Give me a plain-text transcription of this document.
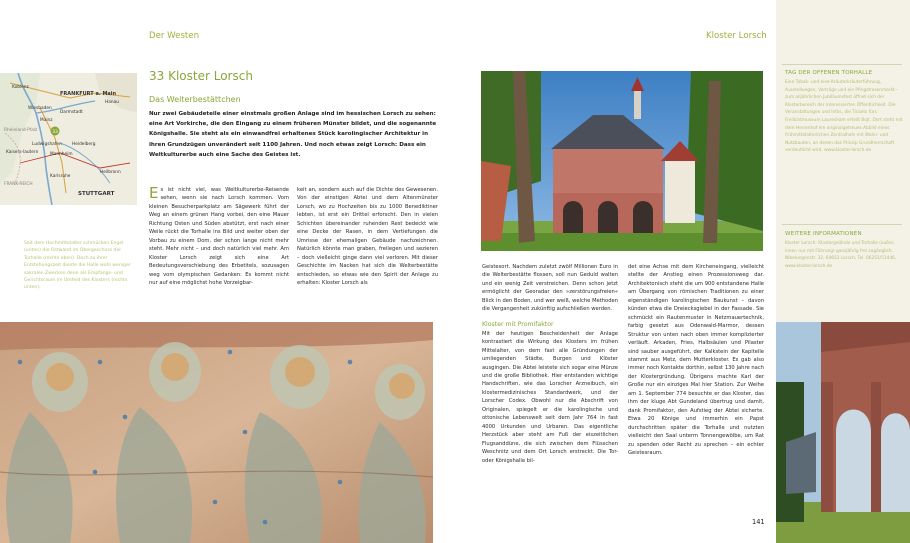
Der Westen	Kloster Lorsch
33
Koblenz
FRANKFURT a. Main
Hanau
Wiesbaden
Darmstadt
Mainz
Ludwigshafen Heidelberg
Mannheim
Kaisers-lautern
Karlsruhe
Heilbronn
STUTTGART
FRANK-REICH
Rheinland-Pfalz
Seit dem Hochmittelalter schmücken Engel (unten) die Ostwand im Obergeschoss der Torhalle (rechts oben). Doch zu ihrer Entstehungszeit diente die Halle wohl weniger sakralen Zwecken denn als Empfangs- und Gerichtsraum im Umfeld des Klosters (rechts unten).
33 Kloster Lorsch
Das Welterbestättchen
Nur zwei Gebäudeteile einer einstmals großen Anlage sind im hessischen Lorsch zu sehen: eine Art Vorkirche, die den Eingang zu einem früheren Münster bildet, und die sogenannte Königshalle. Sie steht als ein einwandfrei erhaltenes Stück karolingischer Architektur in ihren Grundzügen unverändert seit 1100 Jahren. Und noch etwas zeigt Lorsch: Dass ein Weltkulturerbe auch eine Sache des Geistes ist.
Es ist nicht viel, was Weltkulturerbe-Reisende sehen, wenn sie nach Lorsch kommen. Vom kleinen Besucherparkplatz am Sägewerk führt der Weg an einem grünen Hang vorbei, den eine Mauer Richtung Osten und Süden abstützt, erst nach einer Weile rückt die Torhalle ins Bild und weiter oben der Vorbau zu einem Dom, der schon lange nicht mehr steht. Mehr nicht – und doch natürlich viel mehr. Am Kloster Lorsch zeigt sich eine Art Bedeutungsverschiebung des Erbetitels, sozusagen weg vom olympischen Gedanken: Es kommt nicht nur auf eine möglichst hohe Vorzeigbar-
keit an, sondern auch auf die Dichte des Gewesenen. Von der einstigen Abtei und dem Altenmünster Lorsch, wo zu Hochzeiten bis zu 1000 Benediktiner lebten, ist erst ein Drittel erforscht. Den in vielen Schichten übereinander ruhenden Rest bedeckt wie eine Decke der Rasen, in dem Vertiefungen die Umrisse der ehemaligen Gebäude nachzeichnen. Natürlich könnte man graben, freilegen und sezieren – doch vielleicht ginge dann viel verloren. Mit dieser Geschichte im Nacken hat sich die Welterbestätte entschieden, so etwas wie den Spirit der Anlage zu erhalten: Kloster Lorsch als

Geistesort. Nachdem zuletzt zwölf Millionen Euro in die Welterbestätte flossen, soll nun Geduld walten und ein wenig Zeit verstreichen. Denn schon jetzt ermöglicht der Georadar den »zerstörungsfreien« Blick in den Boden, und wer weiß, welche Methoden die Vergangenheit zukünftig aufschließen werden.

Kloster mit Promifaktor

Mit der heutigen Bescheidenheit der Anlage kontrastiert die Wirkung des Klosters im frühen Mittelalter, von dem fast alle Gründungen der umliegenden Städte, Burgen und Klöster ausgingen. Die Abtei leistete sich sogar eine Münze und die große Bibliothek. Hier entstanden wichtige Handschriften, wie das Lorscher Arzneibuch, ein klostermedizinisches Standardwerk, und der Lorscher Codex. Obwohl nur die Abschrift von Originalen, spiegelt er die karolingische und ottonische Lebenswelt seit dem Jahr 764 in fast 4000 Urkunden und Urbaren. Das eigentliche Herzstück aber steht am Fuß der eiszeitlichen Flugsanddüne, die sich zwischen dem Flüsschen Weschnitz und dem Ort Lorsch erstreckt. Die Tor- oder Königshalle bil-

det eine Achse mit dem Kircheneingang, vielleicht stellte der Anstieg einen Prozessionsweg dar. Architektonisch steht die um 900 entstandene Halle am Übergang von römischen Traditionen zu einer eigenständigen karolingischen Baukunst – davon künden etwa die Dreiecksgiebel in der Fassade. Sie schmückt ein Rautenmuster in Netzmauertechnik, farbig gesetzt aus Odenwald-Marmor, dessen Struktur von unten nach oben immer komplizierter verläuft. Arkaden, Fries, Halbsäulen und Pilaster sind sauber ausgeführt, der Kalkstein der Kapitelle stammt aus Metz, dem Mutterkloster. Es gab also immer noch Kontakte dorthin, selbst 130 Jahre nach der Klostergründung. Übrigens machte Karl der Große nur ein einziges Mal hier Station. Zur Weihe am 1. September 774 besuchte er das Kloster, das ihm der kluge Abt Gundeland übertrug und damit, dank Promifaktor, den Aufstieg der Abtei sicherte. Etwa 20 Könige und immerhin ein Papst durchschritten später die Torhalle und nutzten vielleicht den Saal unterm Tonnengewölbe, um Rat zu spenden oder Recht zu sprechen – ein echter Geistesraum.
141
TAG DER OFFENEN TORHALLE
Eine Tabak- und eine Kräuterkräuterführung, Ausstellungen, Vorträge und ein Pfingstrosenmarkt – zum alljährlichen Jubiläumsfest öffnet sich der Klosterbereich der interessierten Öffentlichkeit. Die Veranstaltungen und Infos, die Tickets fürs Freilichtmuseum Lauresham erteilt Bojt. Dort steht mit dem Herrenhof ein originalgetreues Abbild eines frühmittelalterlichen Zentralhofs mit Wohn- und Nutzbauten, an denen das Prinzip Grundherrschaft verdeutlicht wird. www.kloster-lorsch.de
WEITERE INFORMATIONEN
Kloster Lorsch: Klostergelände und Torhalle (außer, innen nur mit Führung) ganzjährig frei zugänglich. Nibelungenstr. 32, 64653 Lorsch, Tel. 06251/51446, www.kloster-lorsch.de
